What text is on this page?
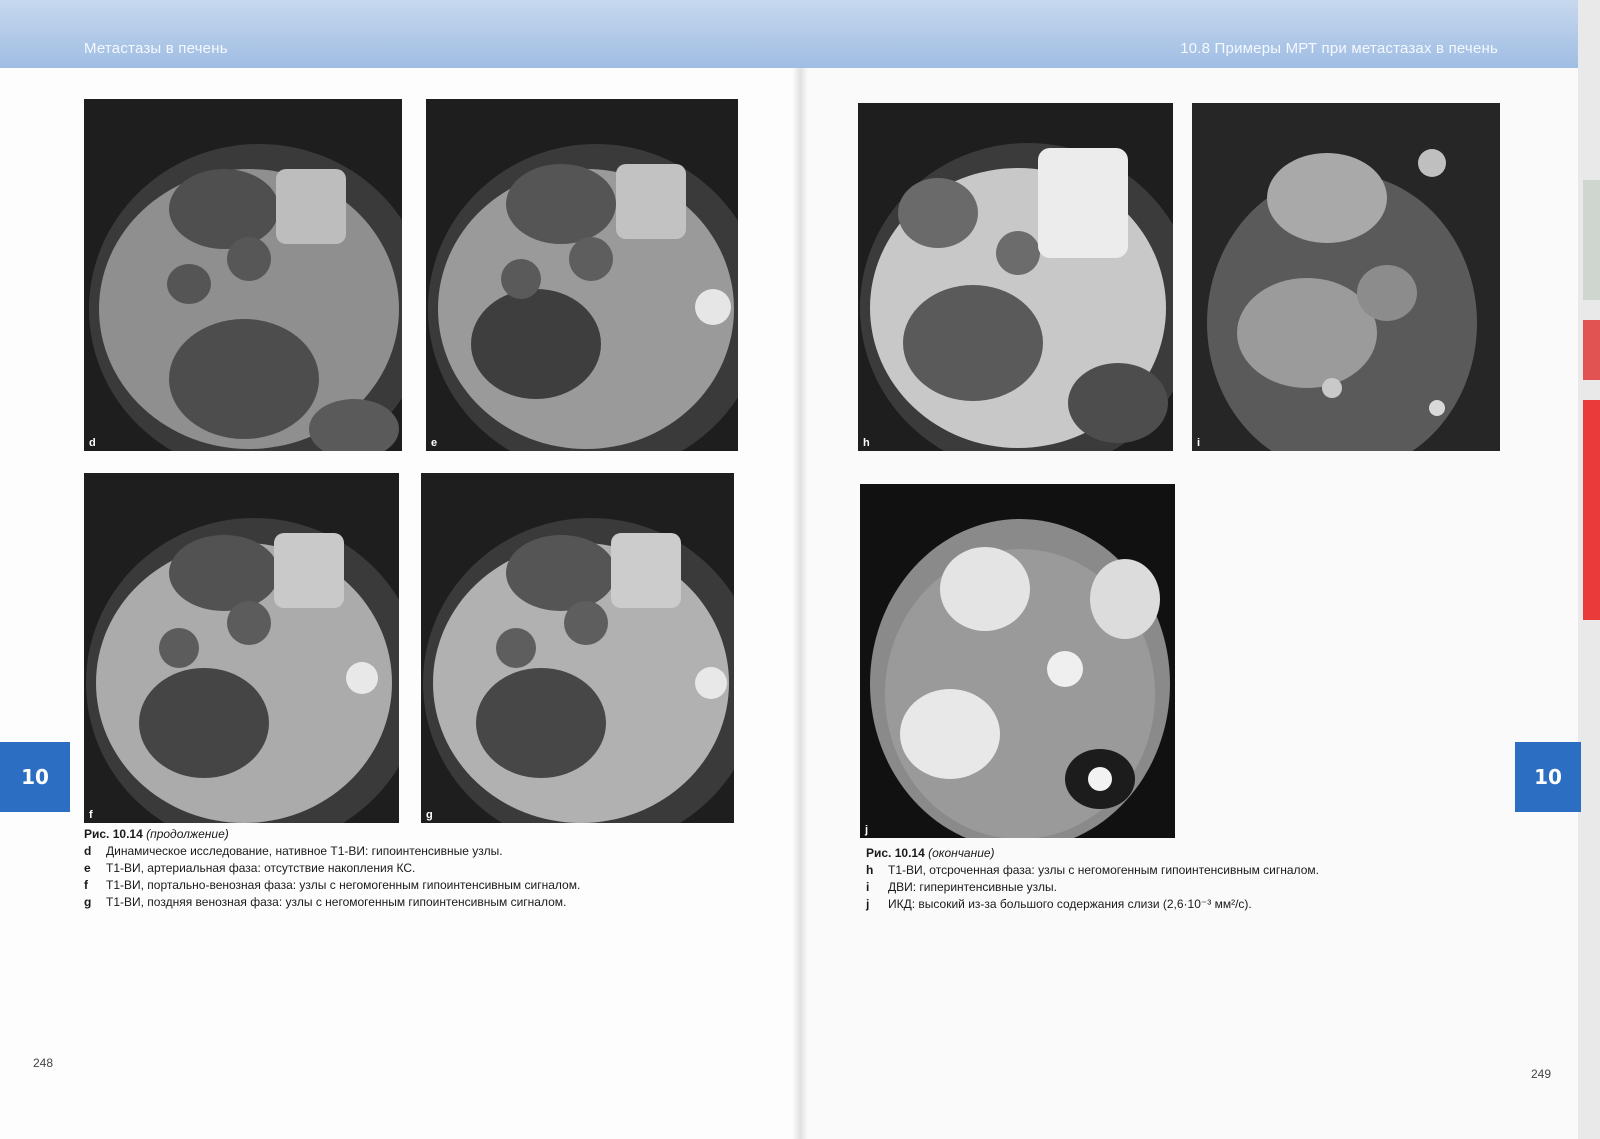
Метастазы в печень	10.8 Примеры МРТ при метастазах в печень
d	e
f	g
Рис. 10.14 (продолжение)
d	Динамическое исследование, нативное Т1-ВИ: гипоинтенсивные узлы.
e	Т1-ВИ, артериальная фаза: отсутствие накопления КС.
f	Т1-ВИ, портально-венозная фаза: узлы с негомогенным гипоинтенсивным сигналом.
g	Т1-ВИ, поздняя венозная фаза: узлы с негомогенным гипоинтенсивным сигналом.
10
248
h	i
j
Рис. 10.14 (окончание)
h	Т1-ВИ, отсроченная фаза: узлы с негомогенным гипоинтенсивным сигналом.
i	ДВИ: гиперинтенсивные узлы.
j	ИКД: высокий из-за большого содержания слизи (2,6·10⁻³ мм²/с).
10
249
